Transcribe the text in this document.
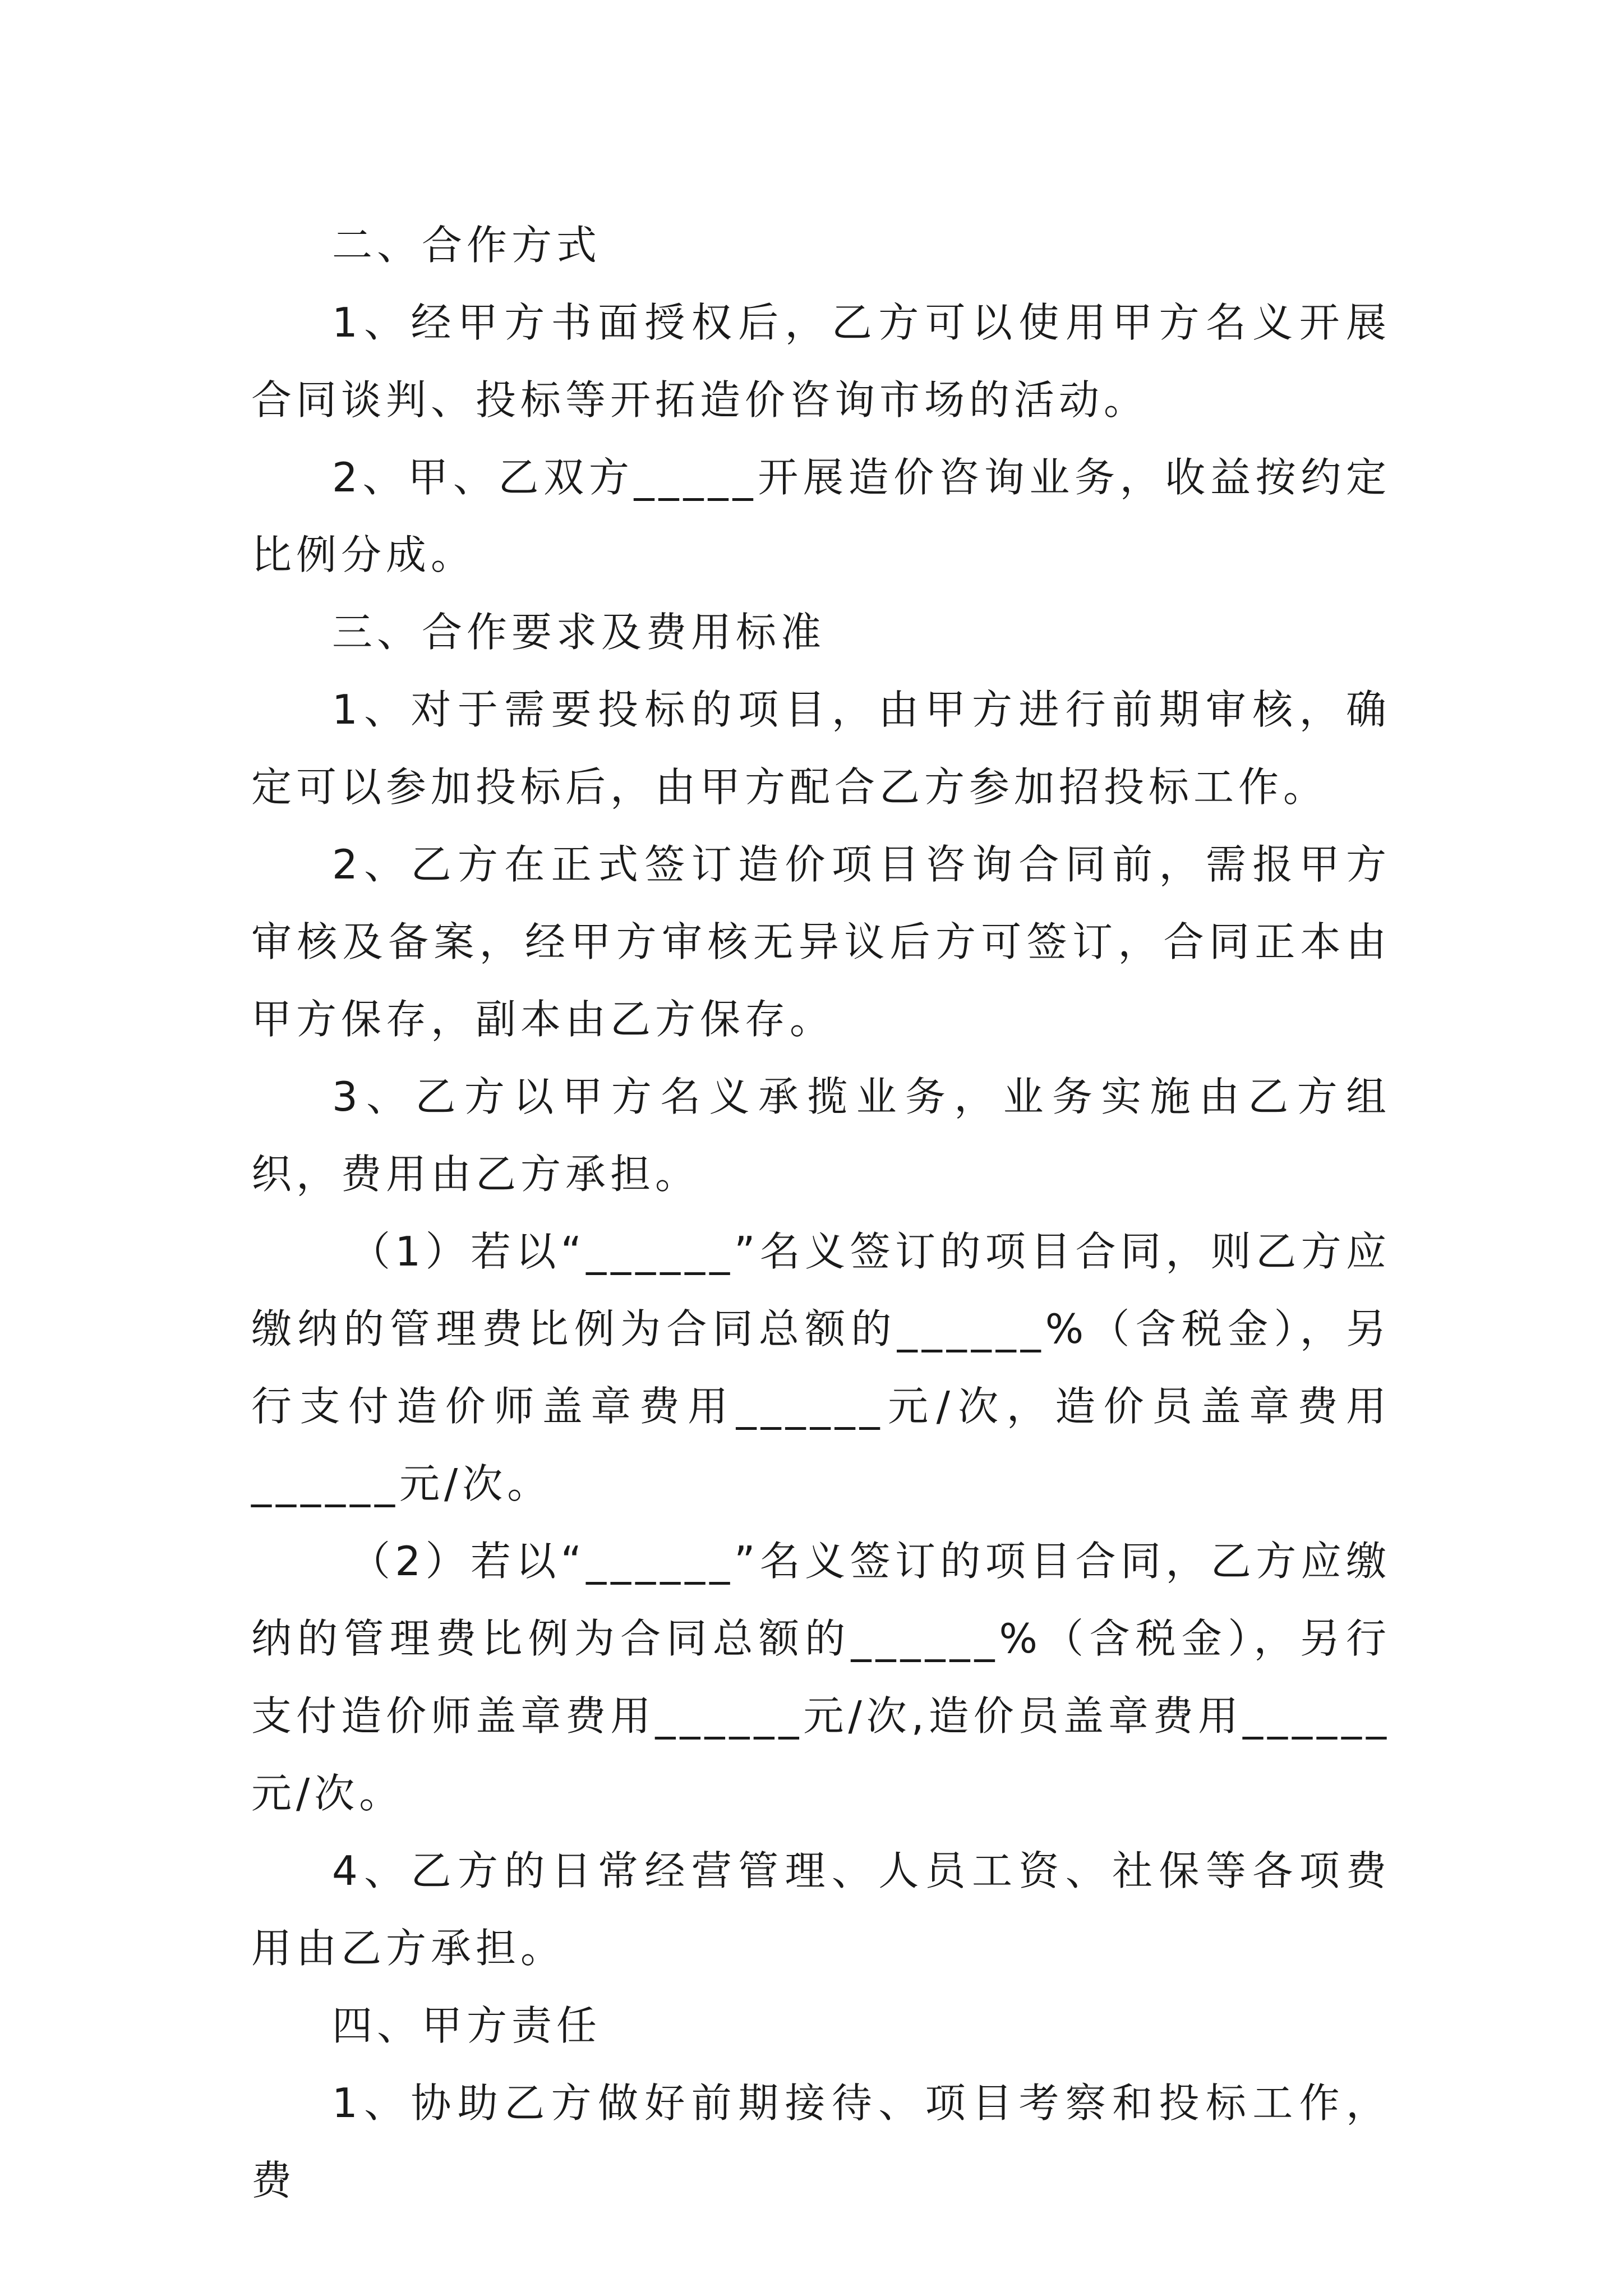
二、合作方式

1、经甲方书面授权后，乙方可以使用甲方名义开展合同谈判、投标等开拓造价咨询市场的活动。

2、甲、乙双方_____开展造价咨询业务，收益按约定比例分成。

三、合作要求及费用标准

1、对于需要投标的项目，由甲方进行前期审核，确定可以参加投标后，由甲方配合乙方参加招投标工作。

2、乙方在正式签订造价项目咨询合同前，需报甲方审核及备案，经甲方审核无异议后方可签订，合同正本由甲方保存，副本由乙方保存。

3、乙方以甲方名义承揽业务，业务实施由乙方组织，费用由乙方承担。

（1）若以“______”名义签订的项目合同，则乙方应缴纳的管理费比例为合同总额的______%（含税金），另行支付造价师盖章费用______元/次，造价员盖章费用______元/次。

（2）若以“______”名义签订的项目合同，乙方应缴纳的管理费比例为合同总额的______%（含税金），另行支付造价师盖章费用______元/次,造价员盖章费用______元/次。

4、乙方的日常经营管理、人员工资、社保等各项费用由乙方承担。

四、甲方责任

1、协助乙方做好前期接待、项目考察和投标工作，费
